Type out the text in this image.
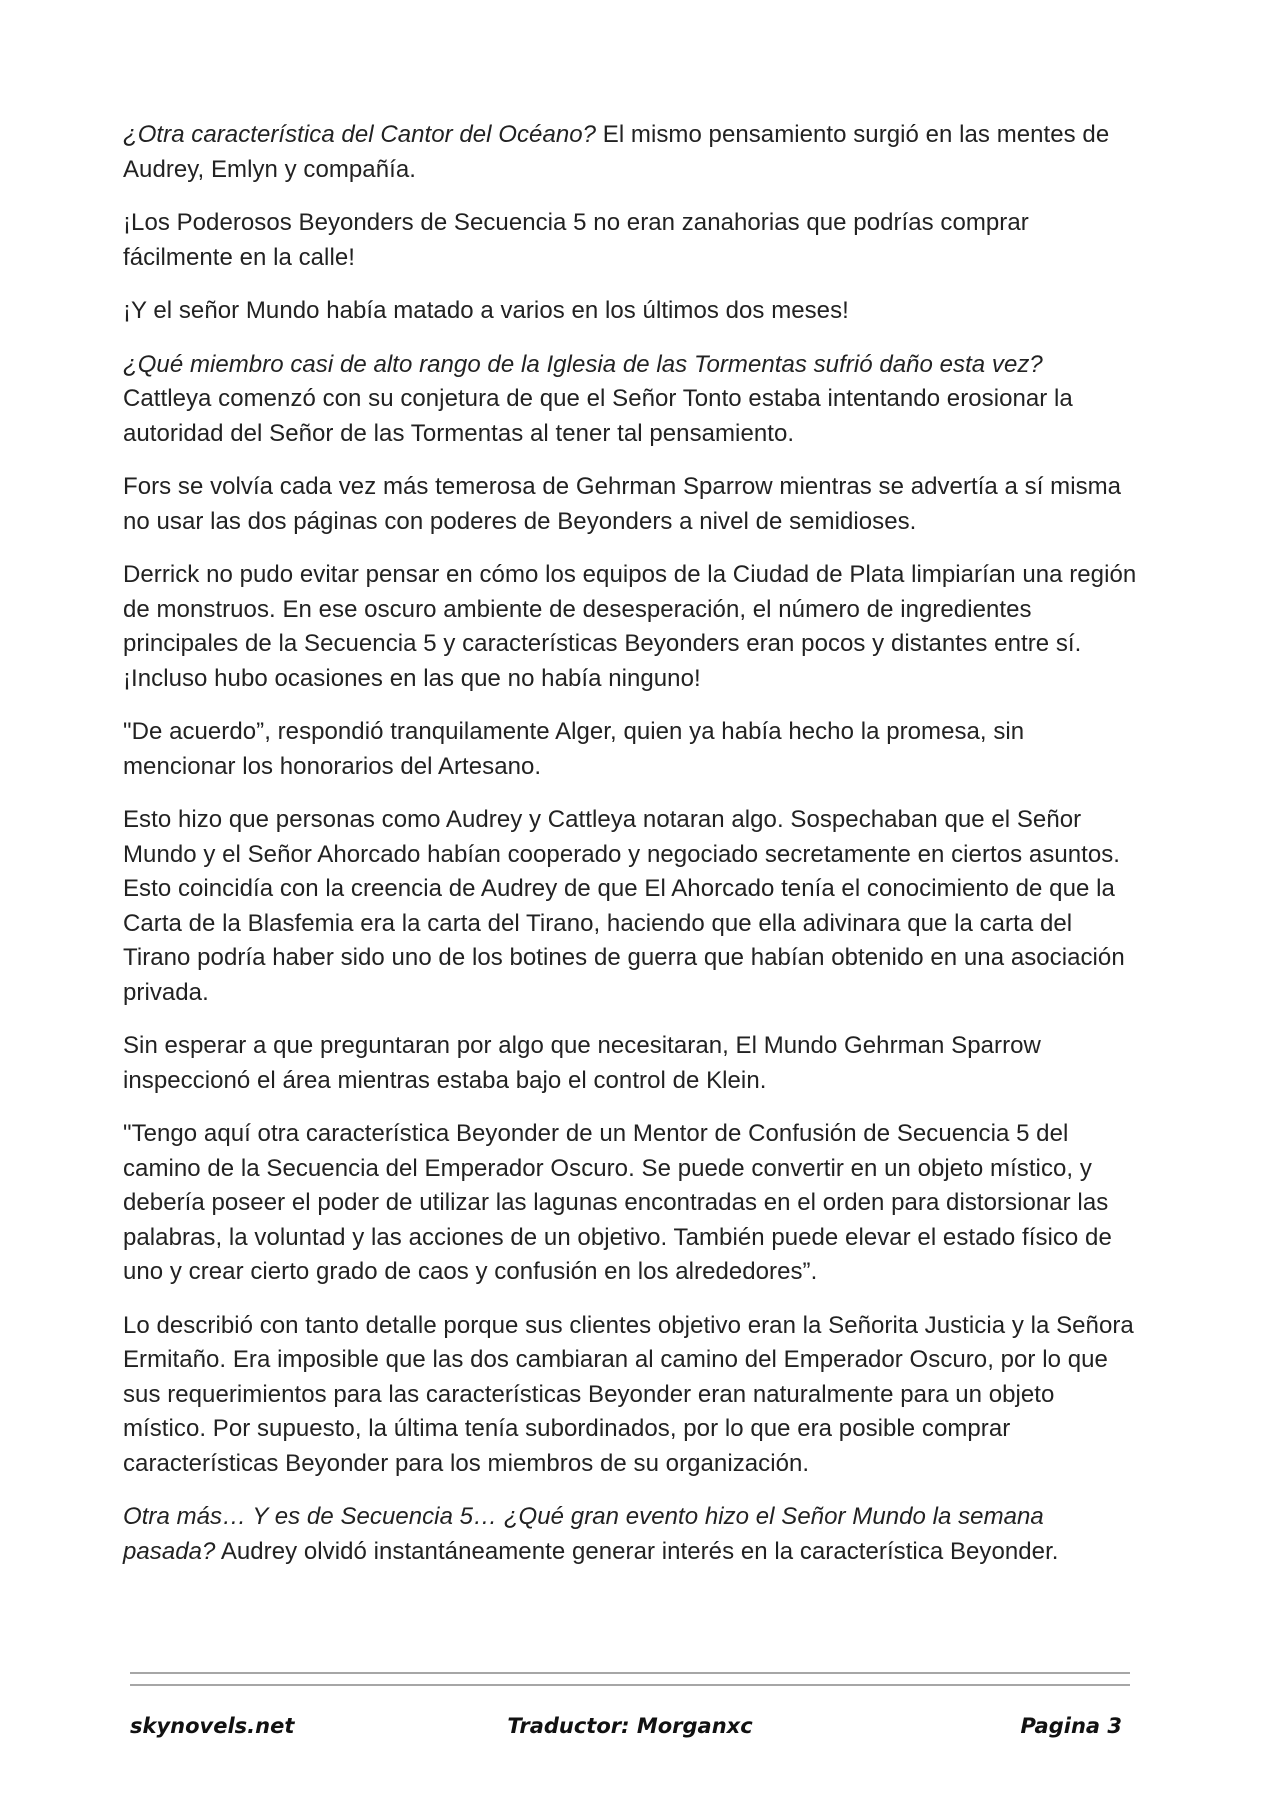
¿Otra característica del Cantor del Océano? El mismo pensamiento surgió en las mentes de Audrey, Emlyn y compañía.

¡Los Poderosos Beyonders de Secuencia 5 no eran zanahorias que podrías comprar fácilmente en la calle!

¡Y el señor Mundo había matado a varios en los últimos dos meses!

¿Qué miembro casi de alto rango de la Iglesia de las Tormentas sufrió daño esta vez? Cattleya comenzó con su conjetura de que el Señor Tonto estaba intentando erosionar la autoridad del Señor de las Tormentas al tener tal pensamiento.

Fors se volvía cada vez más temerosa de Gehrman Sparrow mientras se advertía a sí misma no usar las dos páginas con poderes de Beyonders a nivel de semidioses.

Derrick no pudo evitar pensar en cómo los equipos de la Ciudad de Plata limpiarían una región de monstruos. En ese oscuro ambiente de desesperación, el número de ingredientes principales de la Secuencia 5 y características Beyonders eran pocos y distantes entre sí. ¡Incluso hubo ocasiones en las que no había ninguno!

"De acuerdo”, respondió tranquilamente Alger, quien ya había hecho la promesa, sin mencionar los honorarios del Artesano.

Esto hizo que personas como Audrey y Cattleya notaran algo. Sospechaban que el Señor Mundo y el Señor Ahorcado habían cooperado y negociado secretamente en ciertos asuntos. Esto coincidía con la creencia de Audrey de que El Ahorcado tenía el conocimiento de que la Carta de la Blasfemia era la carta del Tirano, haciendo que ella adivinara que la carta del Tirano podría haber sido uno de los botines de guerra que habían obtenido en una asociación privada.

Sin esperar a que preguntaran por algo que necesitaran, El Mundo Gehrman Sparrow inspeccionó el área mientras estaba bajo el control de Klein.

"Tengo aquí otra característica Beyonder de un Mentor de Confusión de Secuencia 5 del camino de la Secuencia del Emperador Oscuro. Se puede convertir en un objeto místico, y debería poseer el poder de utilizar las lagunas encontradas en el orden para distorsionar las palabras, la voluntad y las acciones de un objetivo. También puede elevar el estado físico de uno y crear cierto grado de caos y confusión en los alrededores”.

Lo describió con tanto detalle porque sus clientes objetivo eran la Señorita Justicia y la Señora Ermitaño. Era imposible que las dos cambiaran al camino del Emperador Oscuro, por lo que sus requerimientos para las características Beyonder eran naturalmente para un objeto místico. Por supuesto, la última tenía subordinados, por lo que era posible comprar características Beyonder para los miembros de su organización.

Otra más… Y es de Secuencia 5… ¿Qué gran evento hizo el Señor Mundo la semana pasada? Audrey olvidó instantáneamente generar interés en la característica Beyonder.

skynovels.net	Traductor: Morganxc	Pagina 3
